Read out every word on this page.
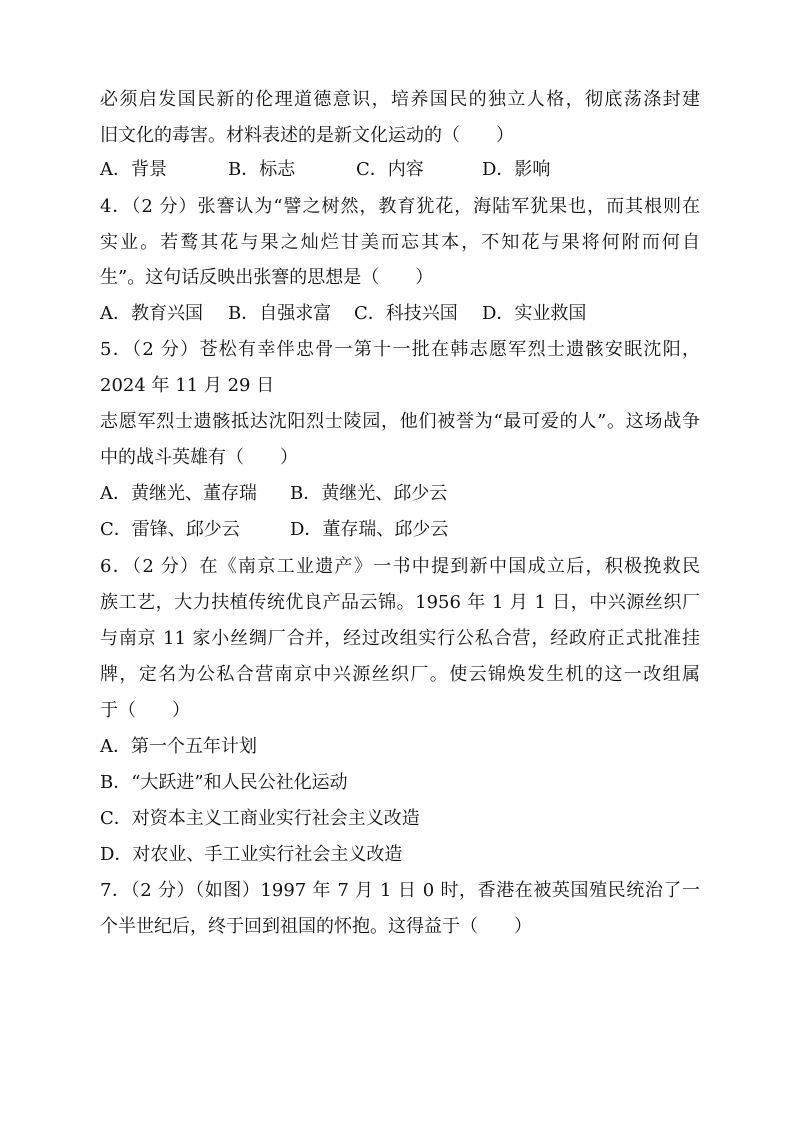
必须启发国民新的伦理道德意识，培养国民的独立人格，彻底荡涤封建
旧文化的毒害。材料表述的是新文化运动的（　　）
A．背景	B．标志	C．内容	D．影响
4．（2 分）张謇认为“譬之树然，教育犹花，海陆军犹果也，而其根则在
实业。若鹜其花与果之灿烂甘美而忘其本，不知花与果将何附而何自
生”。这句话反映出张謇的思想是（　　）
A．教育兴国 B．自强求富 C．科技兴国 D．实业救国
5．（2 分）苍松有幸伴忠骨一第十一批在韩志愿军烈士遗骸安眠沈阳，
2024 年 11 月 29 日
志愿军烈士遗骸抵达沈阳烈士陵园，他们被誉为“最可爱的人”。这场战争
中的战斗英雄有（　　）
A．黄继光、董存瑞 B．黄继光、邱少云
C．雷锋、邱少云	D．董存瑞、邱少云
6．（2 分）在《南京工业遗产》一书中提到新中国成立后，积极挽救民
族工艺，大力扶植传统优良产品云锦。1956 年 1 月 1 日，中兴源丝织厂
与南京 11 家小丝绸厂合并，经过改组实行公私合营，经政府正式批准挂
牌，定名为公私合营南京中兴源丝织厂。使云锦焕发生机的这一改组属
于（　　）
A．第一个五年计划
B．“大跃进”和人民公社化运动
C．对资本主义工商业实行社会主义改造
D．对农业、手工业实行社会主义改造
7．（2 分）（如图）1997 年 7 月 1 日 0 时，香港在被英国殖民统治了一
个半世纪后，终于回到祖国的怀抱。这得益于（　　）
